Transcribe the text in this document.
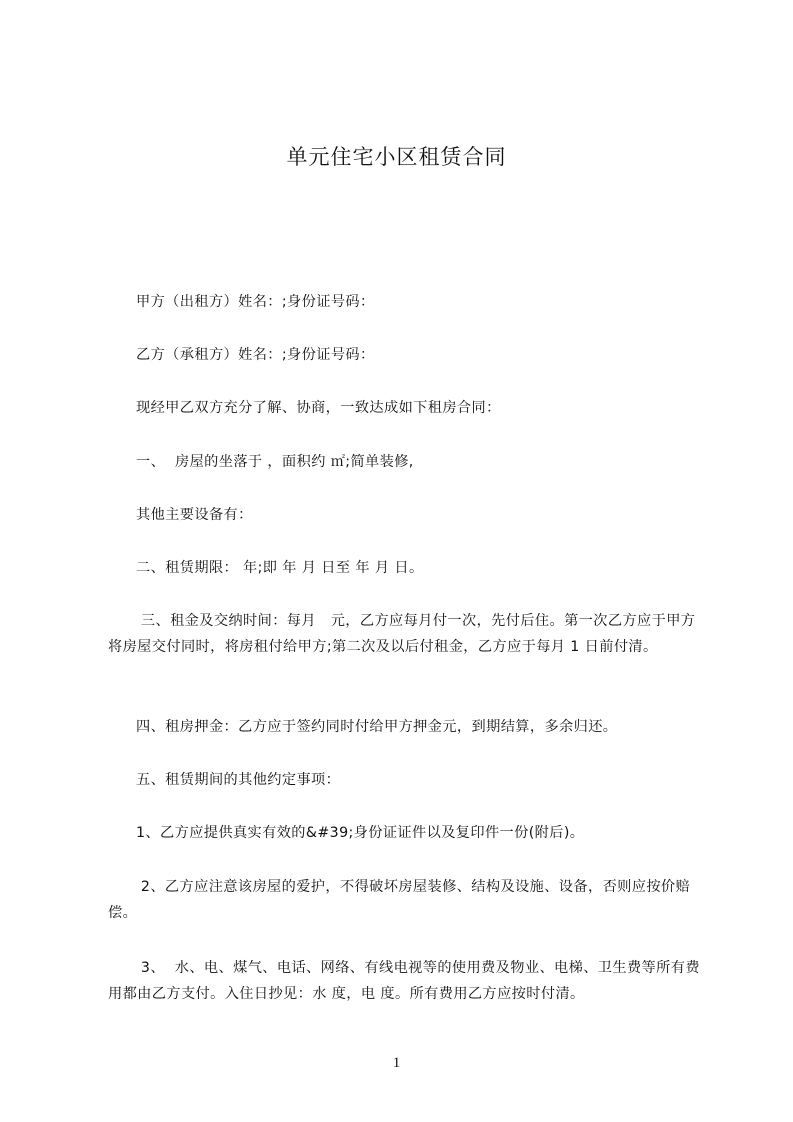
单元住宅小区租赁合同

甲方（出租方）姓名：;身份证号码：

乙方（承租方）姓名：;身份证号码：

现经甲乙双方充分了解、协商，一致达成如下租房合同：

一、  房屋的坐落于 ，面积约 ㎡;简单装修,

其他主要设备有：

二、租赁期限： 年;即 年 月 日至 年 月 日。

三、租金及交纳时间：每月   元，乙方应每月付一次，先付后住。第一次乙方应于甲方将房屋交付同时，将房租付给甲方;第二次及以后付租金，乙方应于每月 1 日前付清。

四、租房押金：乙方应于签约同时付给甲方押金元，到期结算，多余归还。

五、租赁期间的其他约定事项：

1、乙方应提供真实有效的&#39;身份证证件以及复印件一份(附后)。

2、乙方应注意该房屋的爱护，不得破坏房屋装修、结构及设施、设备，否则应按价赔偿。

3、  水、电、煤气、电话、网络、有线电视等的使用费及物业、电梯、卫生费等所有费用都由乙方支付。入住日抄见：水 度，电 度。所有费用乙方应按时付清。

1
